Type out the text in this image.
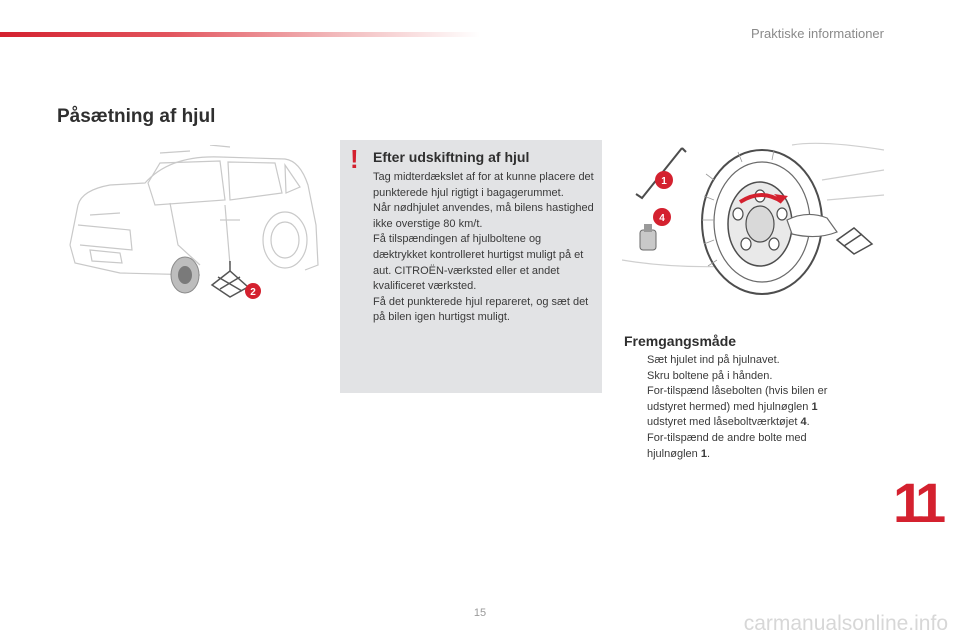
Praktiske informationer
Påsætning af hjul
2
! Efter udskiftning af hjul

Tag midterdækslet af for at kunne placere det punkterede hjul rigtigt i bagagerummet.

Når nødhjulet anvendes, må bilens hastighed ikke overstige 80 km/t.

Få tilspændingen af hjulboltene og dæktrykket kontrolleret hurtigst muligt på et aut. CITROËN-værksted eller et andet kvalificeret værksted.

Få det punkterede hjul repareret, og sæt det på bilen igen hurtigst muligt.

1
4
Fremgangsmåde
Sæt hjulet ind på hjulnavet.
Skru boltene på i hånden.
For-tilspænd låsebolten (hvis bilen er udstyret hermed) med hjulnøglen 1 udstyret med låseboltværktøjet 4.
For-tilspænd de andre bolte med hjulnøglen 1.
11
15	carmanualsonline.info
